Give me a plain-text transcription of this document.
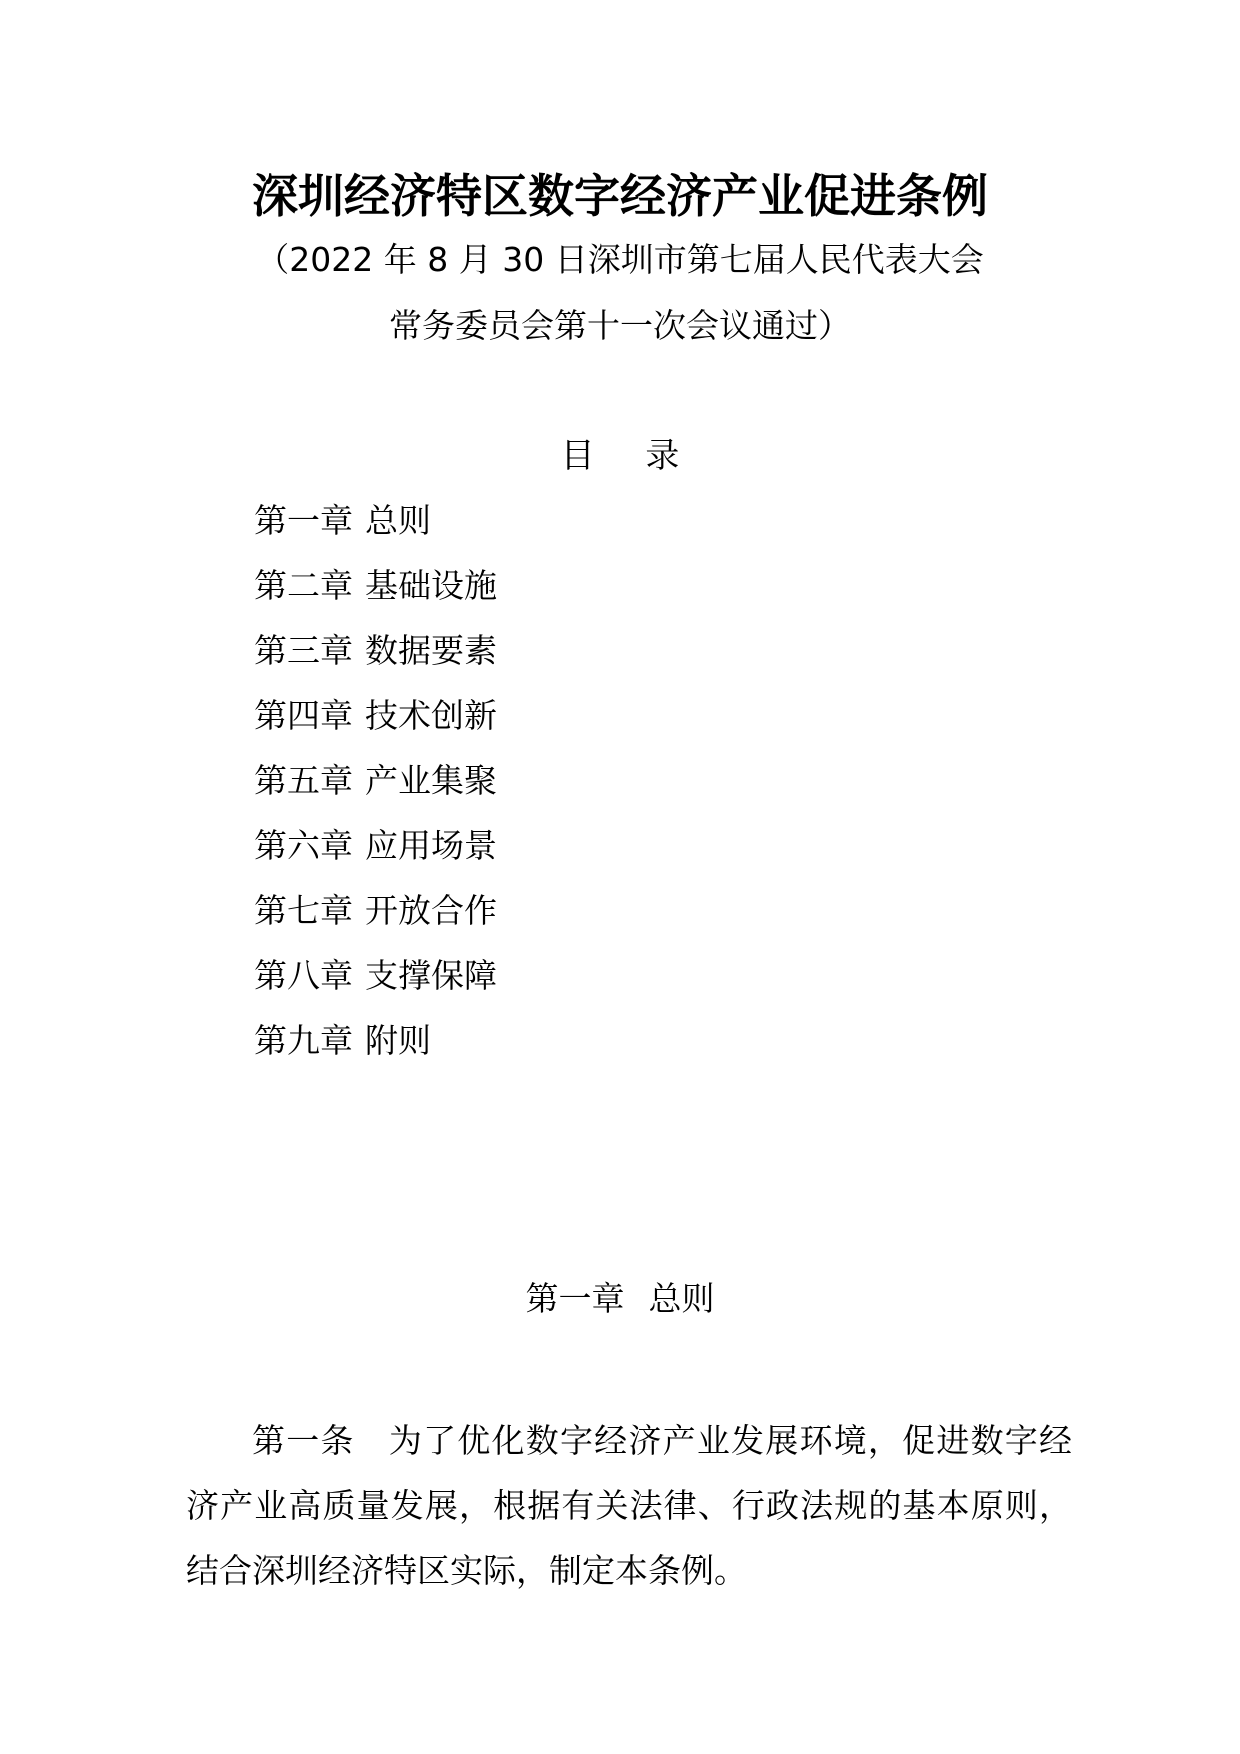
深圳经济特区数字经济产业促进条例
（2022 年 8 月 30 日深圳市第七届人民代表大会
常务委员会第十一次会议通过）
目 录
第一章 总则
第二章 基础设施
第三章 数据要素
第四章 技术创新
第五章 产业集聚
第六章 应用场景
第七章 开放合作
第八章 支撑保障
第九章 附则
第一章 总则

第一条 为了优化数字经济产业发展环境，促进数字经济产业高质量发展，根据有关法律、行政法规的基本原则，结合深圳经济特区实际，制定本条例。
